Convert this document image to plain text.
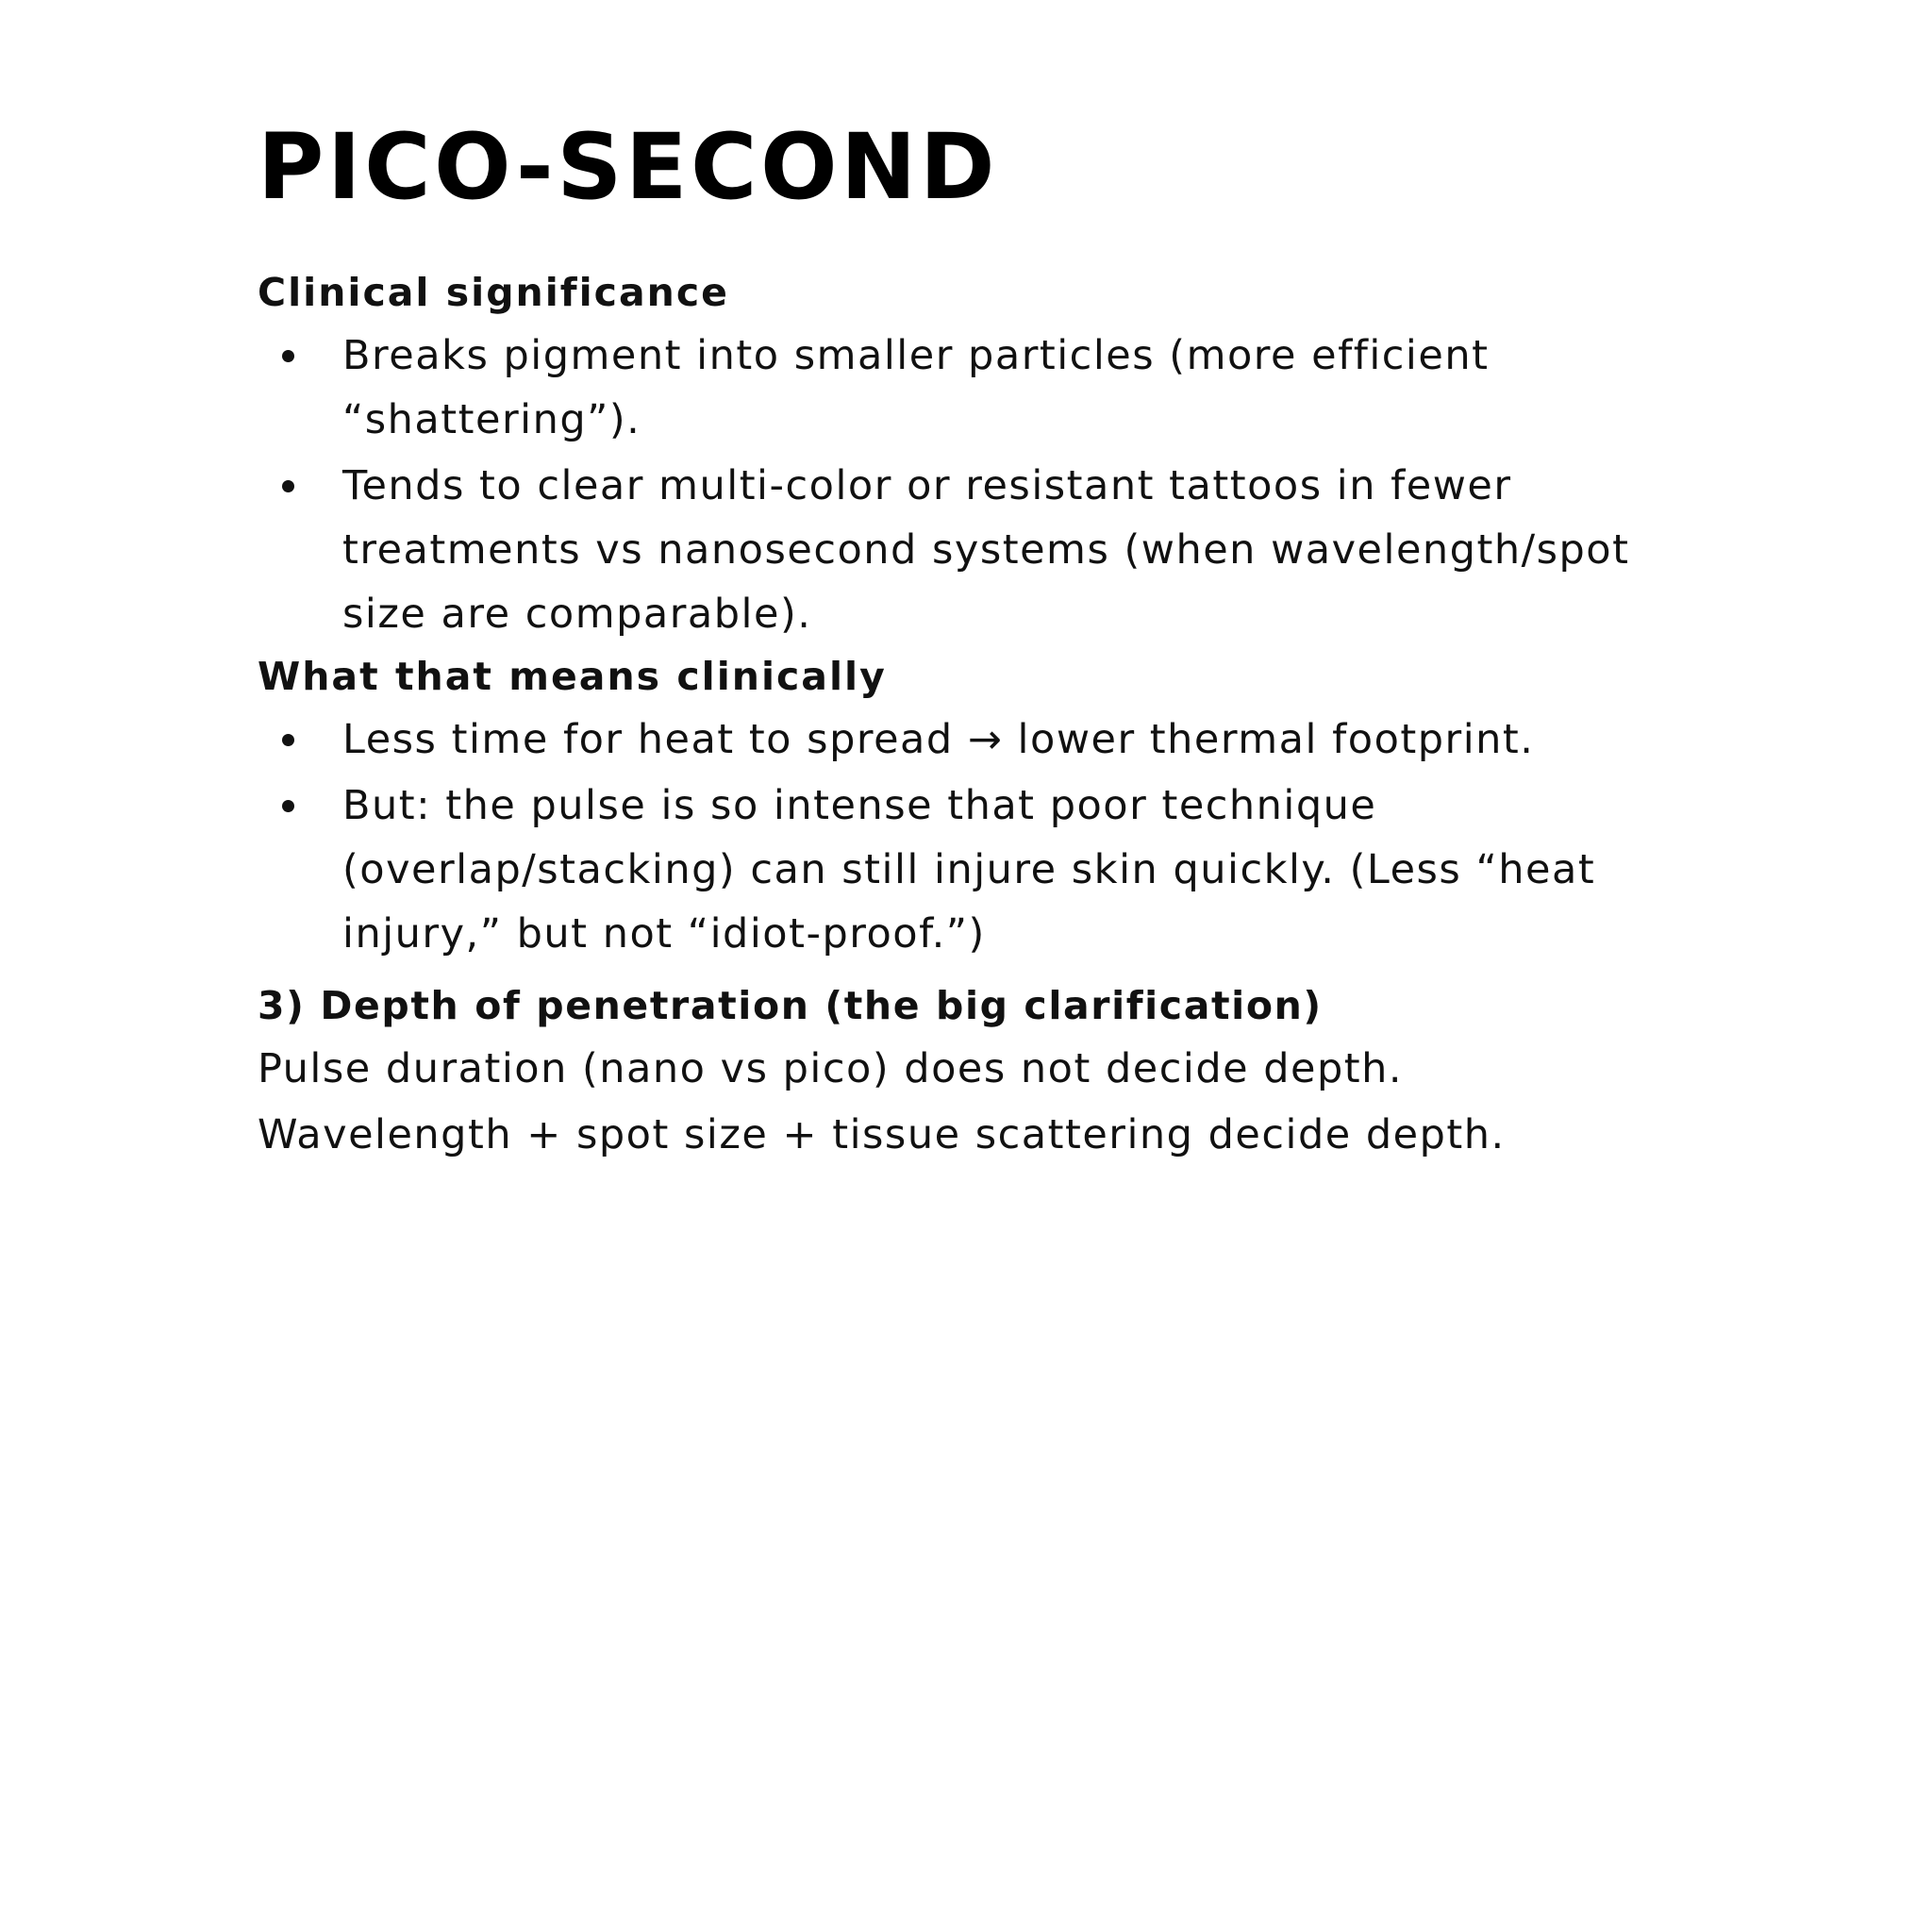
PICO-SECOND
Clinical significance
Breaks pigment into smaller particles (more efficient “shattering”).
Tends to clear multi-color or resistant tattoos in fewer treatments vs nanosecond systems (when wavelength/spot size are comparable).
What that means clinically
Less time for heat to spread → lower thermal footprint.
But: the pulse is so intense that poor technique (overlap/stacking) can still injure skin quickly. (Less “heat injury,” but not “idiot-proof.”)
3) Depth of penetration (the big clarification)

Pulse duration (nano vs pico) does not decide depth.

Wavelength + spot size + tissue scattering decide depth.
